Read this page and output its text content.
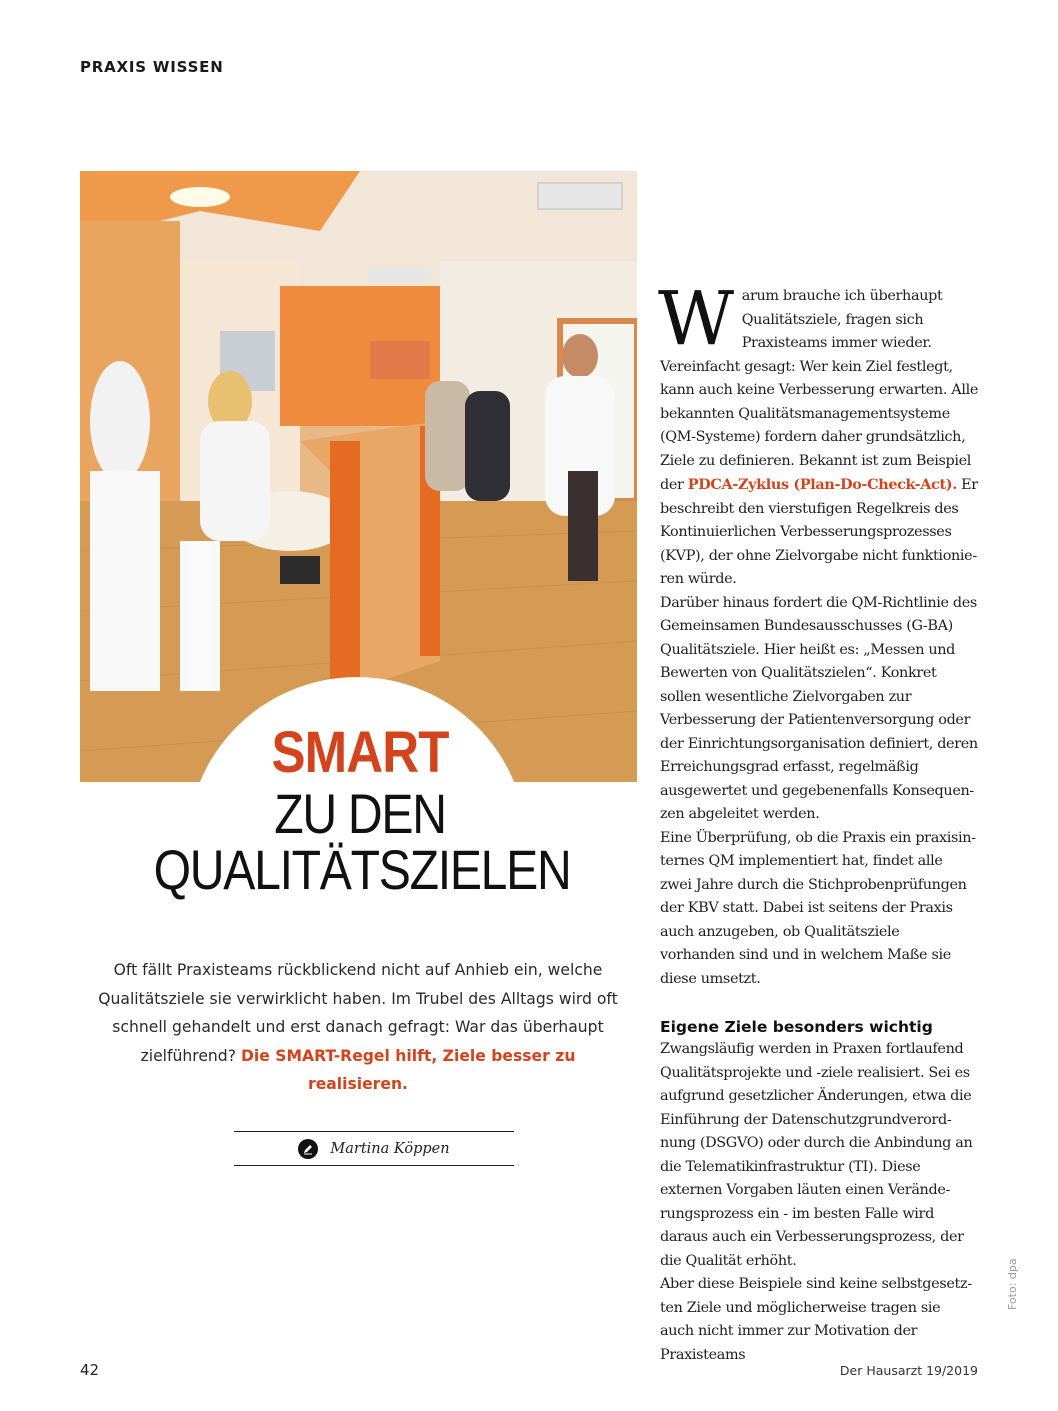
PRAXIS WISSEN
SMART
ZU DEN
QUALITÄTSZIELEN
Oft fällt Praxisteams rückblickend nicht auf Anhieb ein, welche Qualitätsziele sie verwirklicht haben. Im Trubel des Alltags wird oft schnell gehandelt und erst danach gefragt: War das überhaupt zielführend? Die SMART-Regel hilft, Ziele besser zu realisieren.
Martina Köppen

Warum brauche ich überhaupt Qualitätsziele, fragen sich Praxisteams immer wieder. Vereinfacht gesagt: Wer kein Ziel festlegt, kann auch keine Verbesserung erwarten. Alle bekannten Qualitätsmanagementsysteme (QM-Systeme) fordern daher grundsätzlich, Ziele zu definieren. Bekannt ist zum Beispiel der PDCA-Zyklus (Plan-Do-Check-Act). Er beschreibt den vierstufigen Regelkreis des Kontinuierlichen Verbesserungsprozesses (KVP), der ohne Zielvorgabe nicht funktionie-ren würde.

Darüber hinaus fordert die QM-Richtlinie des Gemeinsamen Bundesausschusses (G-BA) Qualitätsziele. Hier heißt es: „Messen und Bewerten von Qualitätszielen“. Konkret sollen wesentliche Zielvorgaben zur Verbesserung der Patientenversorgung oder der Einrichtungsorganisation definiert, deren Erreichungsgrad erfasst, regelmäßig ausgewertet und gegebenenfalls Konsequen-zen abgeleitet werden.

Eine Überprüfung, ob die Praxis ein praxisin-ternes QM implementiert hat, findet alle zwei Jahre durch die Stichprobenprüfungen der KBV statt. Dabei ist seitens der Praxis auch anzugeben, ob Qualitätsziele vorhanden sind und in welchem Maße sie diese umsetzt.

Eigene Ziele besonders wichtig

Zwangsläufig werden in Praxen fortlaufend Qualitätsprojekte und -ziele realisiert. Sei es aufgrund gesetzlicher Änderungen, etwa die Einführung der Datenschutzgrundverord-nung (DSGVO) oder durch die Anbindung an die Telematikinfrastruktur (TI). Diese externen Vorgaben läuten einen Verände-rungsprozess ein - im besten Falle wird daraus auch ein Verbesserungsprozess, der die Qualität erhöht.

Aber diese Beispiele sind keine selbstgesetz-ten Ziele und möglicherweise tragen sie auch nicht immer zur Motivation der Praxisteams

Foto: dpa
42	Der Hausarzt 19/2019
